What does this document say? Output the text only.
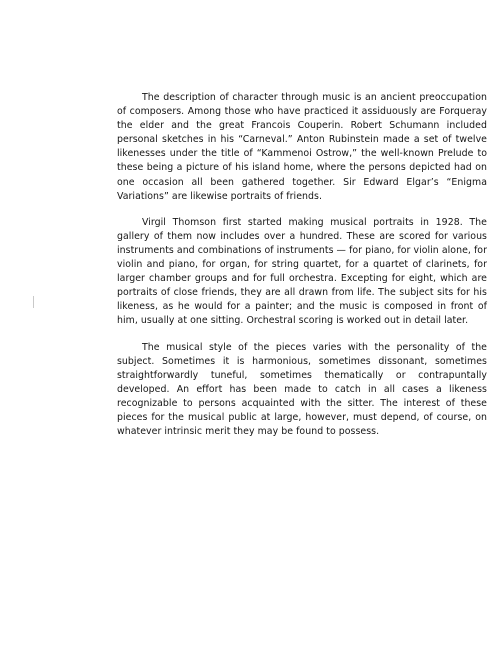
The description of character through music is an ancient preoccupation of composers. Among those who have practiced it assiduously are Forqueray the elder and the great Francois Couperin. Robert Schumann included personal sketches in his “Carneval.” Anton Rubinstein made a set of twelve likenesses under the title of “Kammenoi Ostrow,” the well-known Prelude to these being a picture of his island home, where the persons depicted had on one occasion all been gathered together. Sir Edward Elgar’s “Enigma Variations” are likewise portraits of friends.

Virgil Thomson first started making musical portraits in 1928. The gallery of them now includes over a hundred. These are scored for various instruments and combinations of instruments — for piano, for violin alone, for violin and piano, for organ, for string quartet, for a quartet of clarinets, for larger chamber groups and for full orchestra. Excepting for eight, which are portraits of close friends, they are all drawn from life. The subject sits for his likeness, as he would for a painter; and the music is composed in front of him, usually at one sitting. Orchestral scoring is worked out in detail later.

The musical style of the pieces varies with the personality of the subject. Sometimes it is harmonious, sometimes dissonant, sometimes straightforwardly tuneful, sometimes thematically or contrapuntally developed. An effort has been made to catch in all cases a likeness recognizable to persons acquainted with the sitter. The interest of these pieces for the musical public at large, however, must depend, of course, on whatever intrinsic merit they may be found to possess.
